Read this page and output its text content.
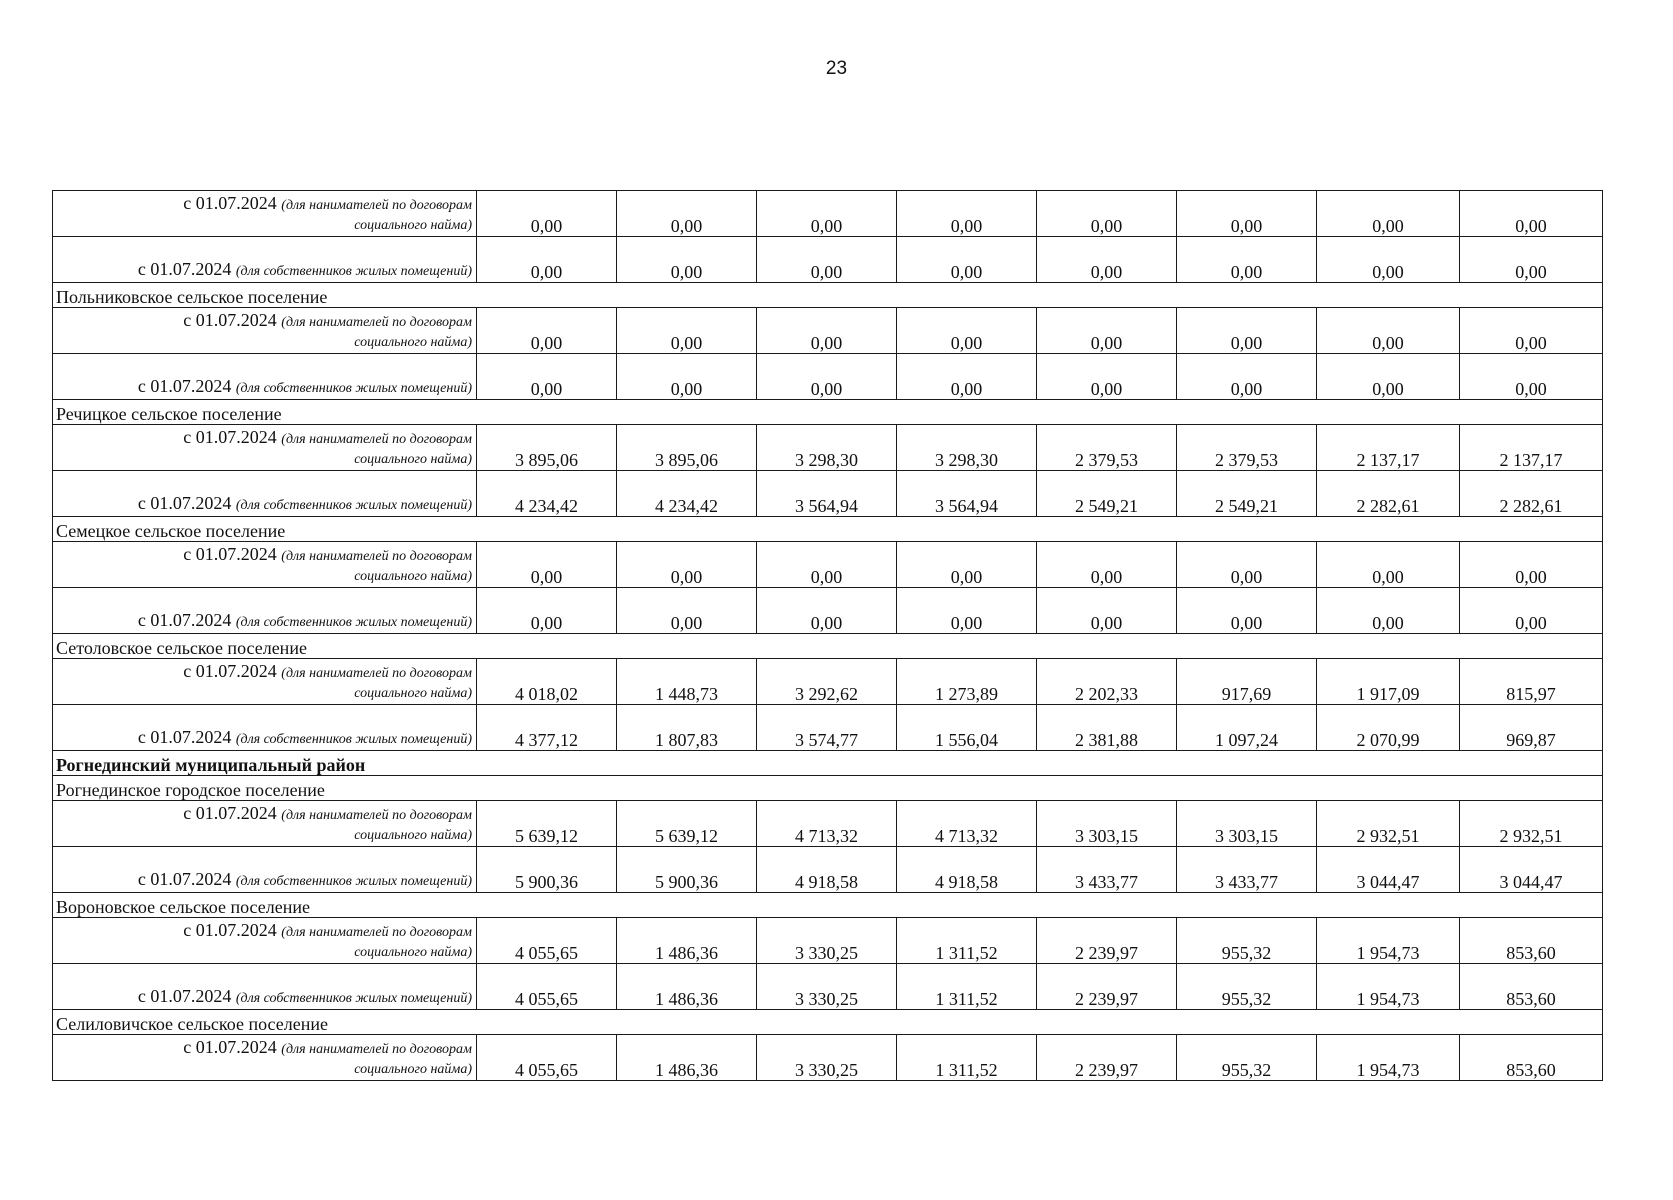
23
с 01.07.2024 (для нанимателей по договорам
социального найма)	0,00	0,00	0,00	0,00	0,00	0,00	0,00	0,00
с 01.07.2024 (для собственников жилых помещений)	0,00	0,00	0,00	0,00	0,00	0,00	0,00	0,00
Польниковское сельское поселение								

с 01.07.2024 (для нанимателей по договорам
социального найма)	0,00	0,00	0,00	0,00	0,00	0,00	0,00	0,00
с 01.07.2024 (для собственников жилых помещений)	0,00	0,00	0,00	0,00	0,00	0,00	0,00	0,00
Речицкое сельское поселение								

с 01.07.2024 (для нанимателей по договорам
социального найма)	3 895,06	3 895,06	3 298,30	3 298,30	2 379,53	2 379,53	2 137,17	2 137,17
с 01.07.2024 (для собственников жилых помещений)	4 234,42	4 234,42	3 564,94	3 564,94	2 549,21	2 549,21	2 282,61	2 282,61
Семецкое сельское поселение								

с 01.07.2024 (для нанимателей по договорам
социального найма)	0,00	0,00	0,00	0,00	0,00	0,00	0,00	0,00
с 01.07.2024 (для собственников жилых помещений)	0,00	0,00	0,00	0,00	0,00	0,00	0,00	0,00
Сетоловское сельское поселение								

с 01.07.2024 (для нанимателей по договорам
социального найма)	4 018,02	1 448,73	3 292,62	1 273,89	2 202,33	917,69	1 917,09	815,97
с 01.07.2024 (для собственников жилых помещений)	4 377,12	1 807,83	3 574,77	1 556,04	2 381,88	1 097,24	2 070,99	969,87
Рогнединский муниципальный район								
Рогнединское городское поселение								

с 01.07.2024 (для нанимателей по договорам
социального найма)	5 639,12	5 639,12	4 713,32	4 713,32	3 303,15	3 303,15	2 932,51	2 932,51
с 01.07.2024 (для собственников жилых помещений)	5 900,36	5 900,36	4 918,58	4 918,58	3 433,77	3 433,77	3 044,47	3 044,47
Вороновское сельское поселение								

с 01.07.2024 (для нанимателей по договорам
социального найма)	4 055,65	1 486,36	3 330,25	1 311,52	2 239,97	955,32	1 954,73	853,60
с 01.07.2024 (для собственников жилых помещений)	4 055,65	1 486,36	3 330,25	1 311,52	2 239,97	955,32	1 954,73	853,60
Селиловичское сельское поселение								

с 01.07.2024 (для нанимателей по договорам
социального найма)	4 055,65	1 486,36	3 330,25	1 311,52	2 239,97	955,32	1 954,73	853,60
